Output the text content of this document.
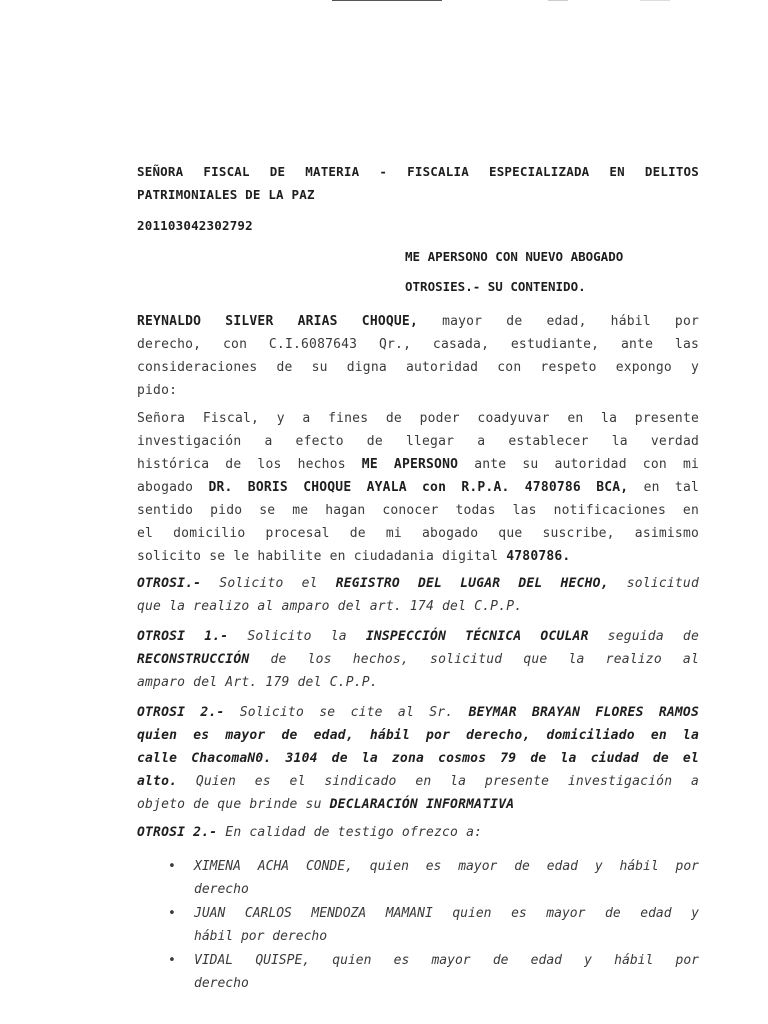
SEÑORA FISCAL DE MATERIA - FISCALIA ESPECIALIZADA EN DELITOS
PATRIMONIALES DE LA PAZ
201103042302792
ME APERSONO CON NUEVO ABOGADO
OTROSIES.- SU CONTENIDO.
REYNALDO SILVER ARIAS CHOQUE, mayor de edad, hábil por
derecho, con C.I.6087643 Qr., casada, estudiante, ante las
consideraciones de su digna autoridad con respeto expongo y
pido:
Señora Fiscal, y a fines de poder coadyuvar en la presente
investigación a efecto de llegar a establecer la verdad
histórica de los hechos ME APERSONO ante su autoridad con mi
abogado DR. BORIS CHOQUE AYALA con R.P.A. 4780786 BCA, en tal
sentido pido se me hagan conocer todas las notificaciones en
el domicilio procesal de mi abogado que suscribe, asimismo
solicito se le habilite en ciudadania digital 4780786.
OTROSI.- Solicito el REGISTRO DEL LUGAR DEL HECHO, solicitud
que la realizo al amparo del art. 174 del C.P.P.
OTROSI 1.- Solicito la INSPECCIÓN TÉCNICA OCULAR seguida de
RECONSTRUCCIÓN de los hechos, solicitud que la realizo al
amparo del Art. 179 del C.P.P.
OTROSI 2.- Solicito se cite al Sr. BEYMAR BRAYAN FLORES RAMOS
quien es mayor de edad, hábil por derecho, domiciliado en la
calle ChacomaN0. 3104 de la zona cosmos 79 de la ciudad de el
alto. Quien es el sindicado en la presente investigación a
objeto de que brinde su DECLARACIÓN INFORMATIVA
OTROSI 2.- En calidad de testigo ofrezco a:
• XIMENA ACHA CONDE, quien es mayor de edad y hábil por
derecho
• JUAN CARLOS MENDOZA MAMANI quien es mayor de edad y
hábil por derecho
• VIDAL QUISPE, quien es mayor de edad y hábil por
derecho
